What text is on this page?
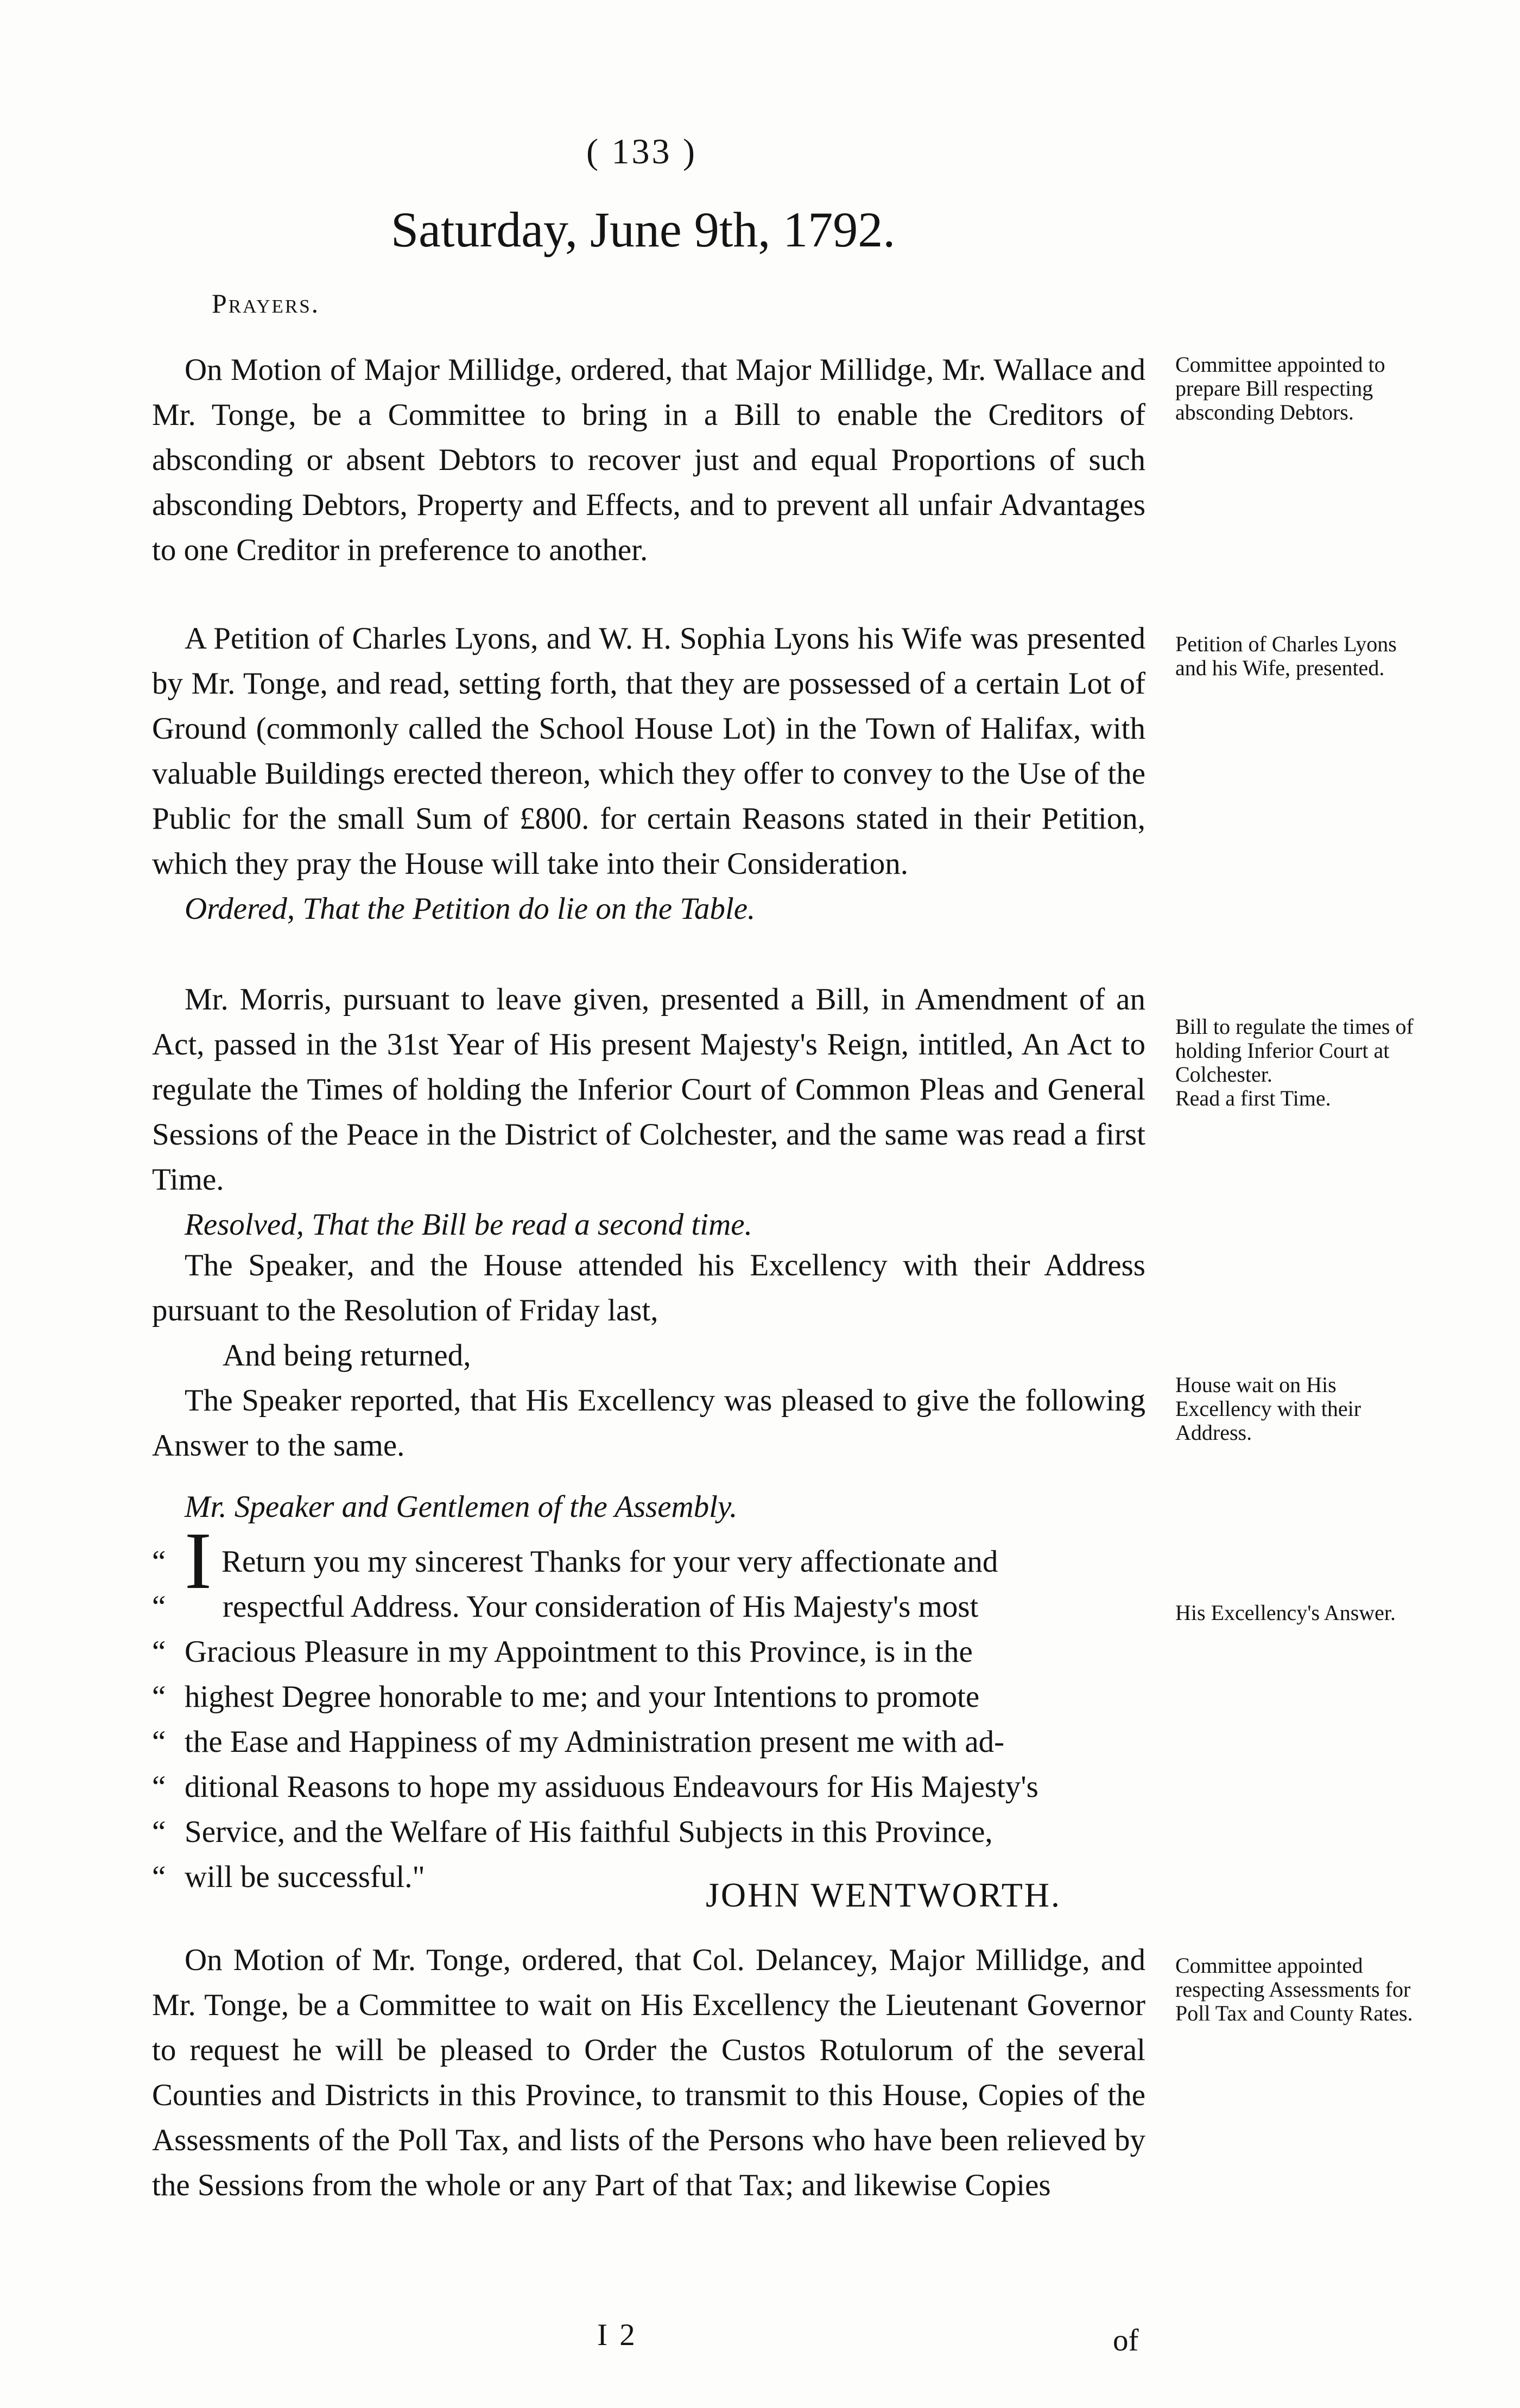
( 133 )
Saturday, June 9th, 1792.
Prayers.

On Motion of Major Millidge, ordered, that Major Millidge, Mr. Wallace and Mr. Tonge, be a Committee to bring in a Bill to enable the Creditors of absconding or absent Debtors to recover just and equal Proportions of such absconding Debtors, Property and Effects, and to prevent all unfair Advantages to one Creditor in preference to another.

Committee appointed to prepare Bill respecting absconding Debtors.

A Petition of Charles Lyons, and W. H. Sophia Lyons his Wife was presented by Mr. Tonge, and read, setting forth, that they are possessed of a certain Lot of Ground (commonly called the School House Lot) in the Town of Halifax, with valuable Buildings erected thereon, which they offer to convey to the Use of the Public for the small Sum of £800. for certain Reasons stated in their Petition, which they pray the House will take into their Consideration.

Ordered, That the Petition do lie on the Table.

Petition of Charles Lyons and his Wife, presented.

Mr. Morris, pursuant to leave given, presented a Bill, in Amendment of an Act, passed in the 31st Year of His present Majesty's Reign, intitled, An Act to regulate the Times of holding the Inferior Court of Common Pleas and General Sessions of the Peace in the District of Colchester, and the same was read a first Time.

Resolved, That the Bill be read a second time.

Bill to regulate the times of holding Inferior Court at Colchester.

Read a first Time.

The Speaker, and the House attended his Excellency with their Address pursuant to the Resolution of Friday last,

And being returned,

The Speaker reported, that His Excellency was pleased to give the following Answer to the same.

House wait on His Excellency with their Address.

Mr. Speaker and Gentlemen of the Assembly.

“ I Return you my sincerest Thanks for your very affectionate and
“ respectful Address. Your consideration of His Majesty's most
“ Gracious Pleasure in my Appointment to this Province, is in the
“ highest Degree honorable to me; and your Intentions to promote
“ the Ease and Happiness of my Administration present me with ad-
“ ditional Reasons to hope my assiduous Endeavours for His Majesty's
“ Service, and the Welfare of His faithful Subjects in this Province,
“ will be successful."

His Excellency's Answer.

JOHN WENTWORTH.

On Motion of Mr. Tonge, ordered, that Col. Delancey, Major Millidge, and Mr. Tonge, be a Committee to wait on His Excellency the Lieutenant Governor to request he will be pleased to Order the Custos Rotulorum of the several Counties and Districts in this Province, to transmit to this House, Copies of the Assessments of the Poll Tax, and lists of the Persons who have been relieved by the Sessions from the whole or any Part of that Tax; and likewise Copies

Committee appointed respecting Assessments for Poll Tax and County Rates.

I 2	of
